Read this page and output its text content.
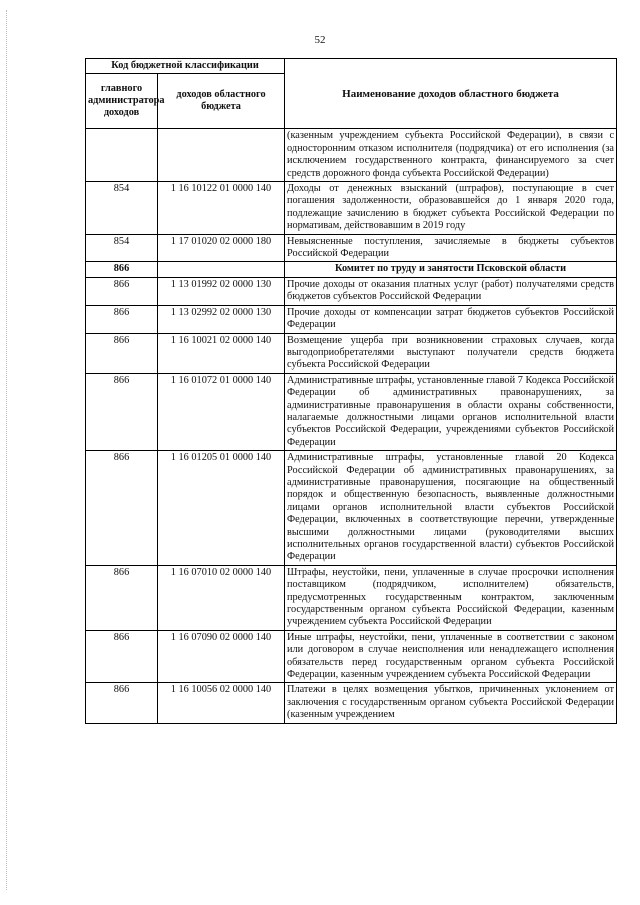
52
Код бюджетной классификации		Наименование доходов областного бюджета
главного администратора доходов	доходов областного бюджета	
		(казенным учреждением субъекта Российской Федерации), в связи с односторонним отказом исполнителя (подрядчика) от его исполнения (за исключением государственного контракта, финансируемого за счет средств дорожного фонда субъекта Российской Федерации)
854	1 16 10122 01 0000 140	Доходы от денежных взысканий (штрафов), поступающие в счет погашения задолженности, образовавшейся до 1 января 2020 года, подлежащие зачислению в бюджет субъекта Российской Федерации по нормативам, действовавшим в 2019 году
854	1 17 01020 02 0000 180	Невыясненные поступления, зачисляемые в бюджеты субъектов Российской Федерации
866		Комитет по труду и занятости Псковской области
866	1 13 01992 02 0000 130	Прочие доходы от оказания платных услуг (работ) получателями средств бюджетов субъектов Российской Федерации
866	1 13 02992 02 0000 130	Прочие доходы от компенсации затрат бюджетов субъектов Российской Федерации
866	1 16 10021 02 0000 140	Возмещение ущерба при возникновении страховых случаев, когда выгодоприобретателями выступают получатели средств бюджета субъекта Российской Федерации
866	1 16 01072 01 0000 140	Административные штрафы, установленные главой 7 Кодекса Российской Федерации об административных правонарушениях, за административные правонарушения в области охраны собственности, налагаемые должностными лицами органов исполнительной власти субъектов Российской Федерации, учреждениями субъектов Российской Федерации
866	1 16 01205 01 0000 140	Административные штрафы, установленные главой 20 Кодекса Российской Федерации об административных правонарушениях, за административные правонарушения, посягающие на общественный порядок и общественную безопасность, выявленные должностными лицами органов исполнительной власти субъектов Российской Федерации, включенных в соответствующие перечни, утвержденные высшими должностными лицами (руководителями высших исполнительных органов государственной власти) субъектов Российской Федерации
866	1 16 07010 02 0000 140	Штрафы, неустойки, пени, уплаченные в случае просрочки исполнения поставщиком (подрядчиком, исполнителем) обязательств, предусмотренных государственным контрактом, заключенным государственным органом субъекта Российской Федерации, казенным учреждением субъекта Российской Федерации
866	1 16 07090 02 0000 140	Иные штрафы, неустойки, пени, уплаченные в соответствии с законом или договором в случае неисполнения или ненадлежащего исполнения обязательств перед государственным органом субъекта Российской Федерации, казенным учреждением субъекта Российской Федерации
866	1 16 10056 02 0000 140	Платежи в целях возмещения убытков, причиненных уклонением от заключения с государственным органом субъекта Российской Федерации (казенным учреждением
